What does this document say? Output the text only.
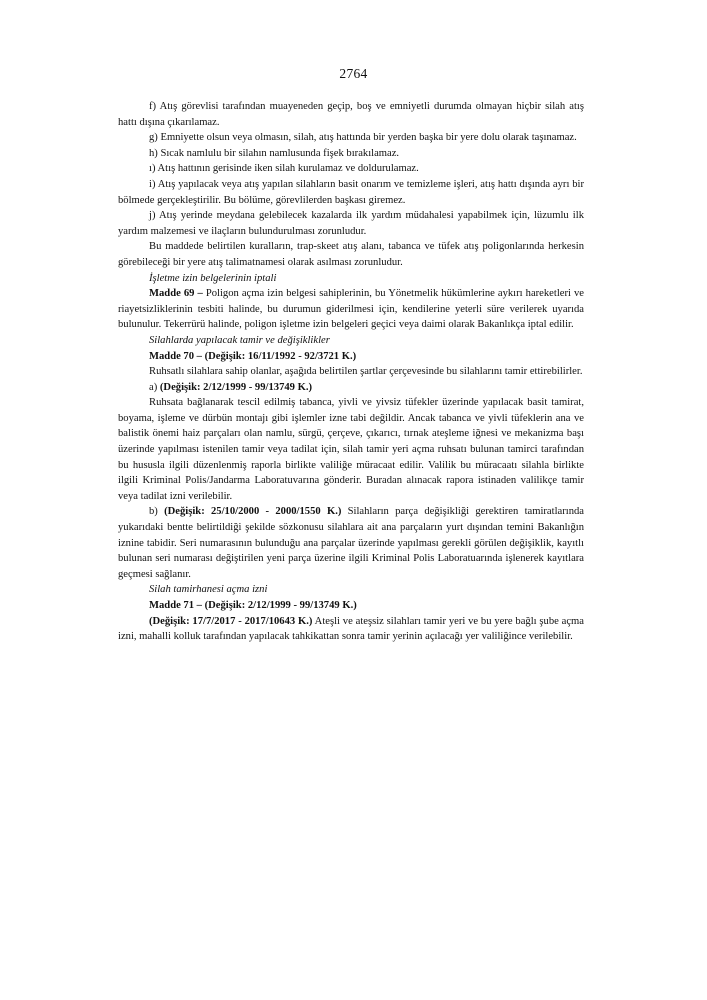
2764

f) Atış görevlisi tarafından muayeneden geçip, boş ve emniyetli durumda olmayan hiçbir silah atış hattı dışına çıkarılamaz.

g) Emniyette olsun veya olmasın, silah, atış hattında bir yerden başka bir yere dolu olarak taşınamaz.

h) Sıcak namlulu bir silahın namlusunda fişek bırakılamaz.

ı) Atış hattının gerisinde iken silah kurulamaz ve doldurulamaz.

i) Atış yapılacak veya atış yapılan silahların basit onarım ve temizleme işleri, atış hattı dışında ayrı bir bölmede gerçekleştirilir. Bu bölüme, görevlilerden başkası giremez.

j) Atış yerinde meydana gelebilecek kazalarda ilk yardım müdahalesi yapabilmek için, lüzumlu ilk yardım malzemesi ve ilaçların bulundurulması zorunludur.

Bu maddede belirtilen kuralların, trap-skeet atış alanı, tabanca ve tüfek atış poligonlarında herkesin görebileceği bir yere atış talimatnamesi olarak asılması zorunludur.

İşletme izin belgelerinin iptali

Madde 69 – Poligon açma izin belgesi sahiplerinin, bu Yönetmelik hükümlerine aykırı hareketleri ve riayetsizliklerinin tesbiti halinde, bu durumun giderilmesi için, kendilerine yeterli süre verilerek uyarıda bulunulur. Tekerrürü halinde, poligon işletme izin belgeleri geçici veya daimi olarak Bakanlıkça iptal edilir.

Silahlarda yapılacak tamir ve değişiklikler

Madde 70 – (Değişik: 16/11/1992 - 92/3721 K.)

Ruhsatlı silahlara sahip olanlar, aşağıda belirtilen şartlar çerçevesinde bu silahlarını tamir ettirebilirler.

a) (Değişik: 2/12/1999 - 99/13749 K.)

Ruhsata bağlanarak tescil edilmiş tabanca, yivli ve yivsiz tüfekler üzerinde yapılacak basit tamirat, boyama, işleme ve dürbün montajı gibi işlemler izne tabi değildir. Ancak tabanca ve yivli tüfeklerin ana ve balistik önemi haiz parçaları olan namlu, sürgü, çerçeve, çıkarıcı, tırnak ateşleme iğnesi ve mekanizma başı üzerinde yapılması istenilen tamir veya tadilat için, silah tamir yeri açma ruhsatı bulunan tamirci tarafından bu hususla ilgili düzenlenmiş raporla birlikte valiliğe müracaat edilir. Valilik bu müracaatı silahla birlikte ilgili Kriminal Polis/Jandarma Laboratuvarına gönderir. Buradan alınacak rapora istinaden valilikçe tamir veya tadilat izni verilebilir.

b) (Değişik: 25/10/2000 - 2000/1550 K.) Silahların parça değişikliği gerektiren tamiratlarında yukarıdaki bentte belirtildiği şekilde sözkonusu silahlara ait ana parçaların yurt dışından temini Bakanlığın iznine tabidir. Seri numarasının bulunduğu ana parçalar üzerinde yapılması gerekli görülen değişiklik, kayıtlı bulunan seri numarası değiştirilen yeni parça üzerine ilgili Kriminal Polis Laboratuarında işlenerek kayıtlara geçmesi sağlanır.

Silah tamirhanesi açma izni

Madde 71 – (Değişik: 2/12/1999 - 99/13749 K.)

(Değişik: 17/7/2017 - 2017/10643 K.) Ateşli ve ateşsiz silahları tamir yeri ve bu yere bağlı şube açma izni, mahalli kolluk tarafından yapılacak tahkikattan sonra tamir yerinin açılacağı yer valiliğince verilebilir.
